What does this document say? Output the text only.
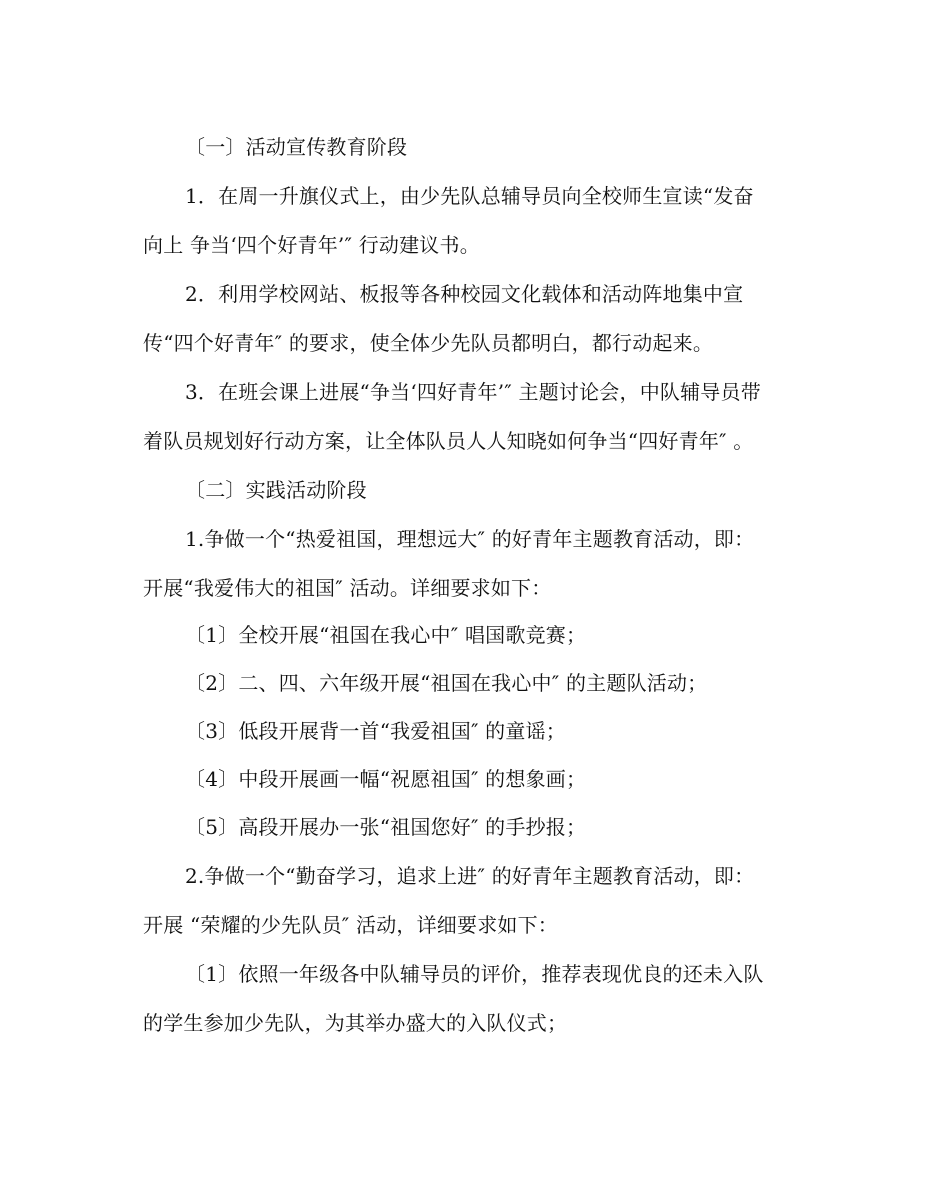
〔一〕活动宣传教育阶段
1．在周一升旗仪式上，由少先队总辅导员向全校师生宣读“发奋
向上 争当‘四个好青年’″ 行动建议书。
2．利用学校网站、板报等各种校园文化载体和活动阵地集中宣
传“四个好青年″ 的要求，使全体少先队员都明白，都行动起来。
3．在班会课上进展“争当‘四好青年’″ 主题讨论会，中队辅导员带
着队员规划好行动方案，让全体队员人人知晓如何争当“四好青年″ 。
〔二〕实践活动阶段
1.争做一个“热爱祖国，理想远大″ 的好青年主题教育活动，即：
开展“我爱伟大的祖国″ 活动。详细要求如下：
〔1〕全校开展“祖国在我心中″ 唱国歌竞赛；
〔2〕二、四、六年级开展“祖国在我心中″ 的主题队活动；
〔3〕低段开展背一首“我爱祖国″ 的童谣；
〔4〕中段开展画一幅“祝愿祖国″ 的想象画；
〔5〕高段开展办一张“祖国您好″ 的手抄报；
2.争做一个“勤奋学习，追求上进″ 的好青年主题教育活动，即：
开展 “荣耀的少先队员″ 活动，详细要求如下：
〔1〕依照一年级各中队辅导员的评价，推荐表现优良的还未入队
的学生参加少先队，为其举办盛大的入队仪式；
